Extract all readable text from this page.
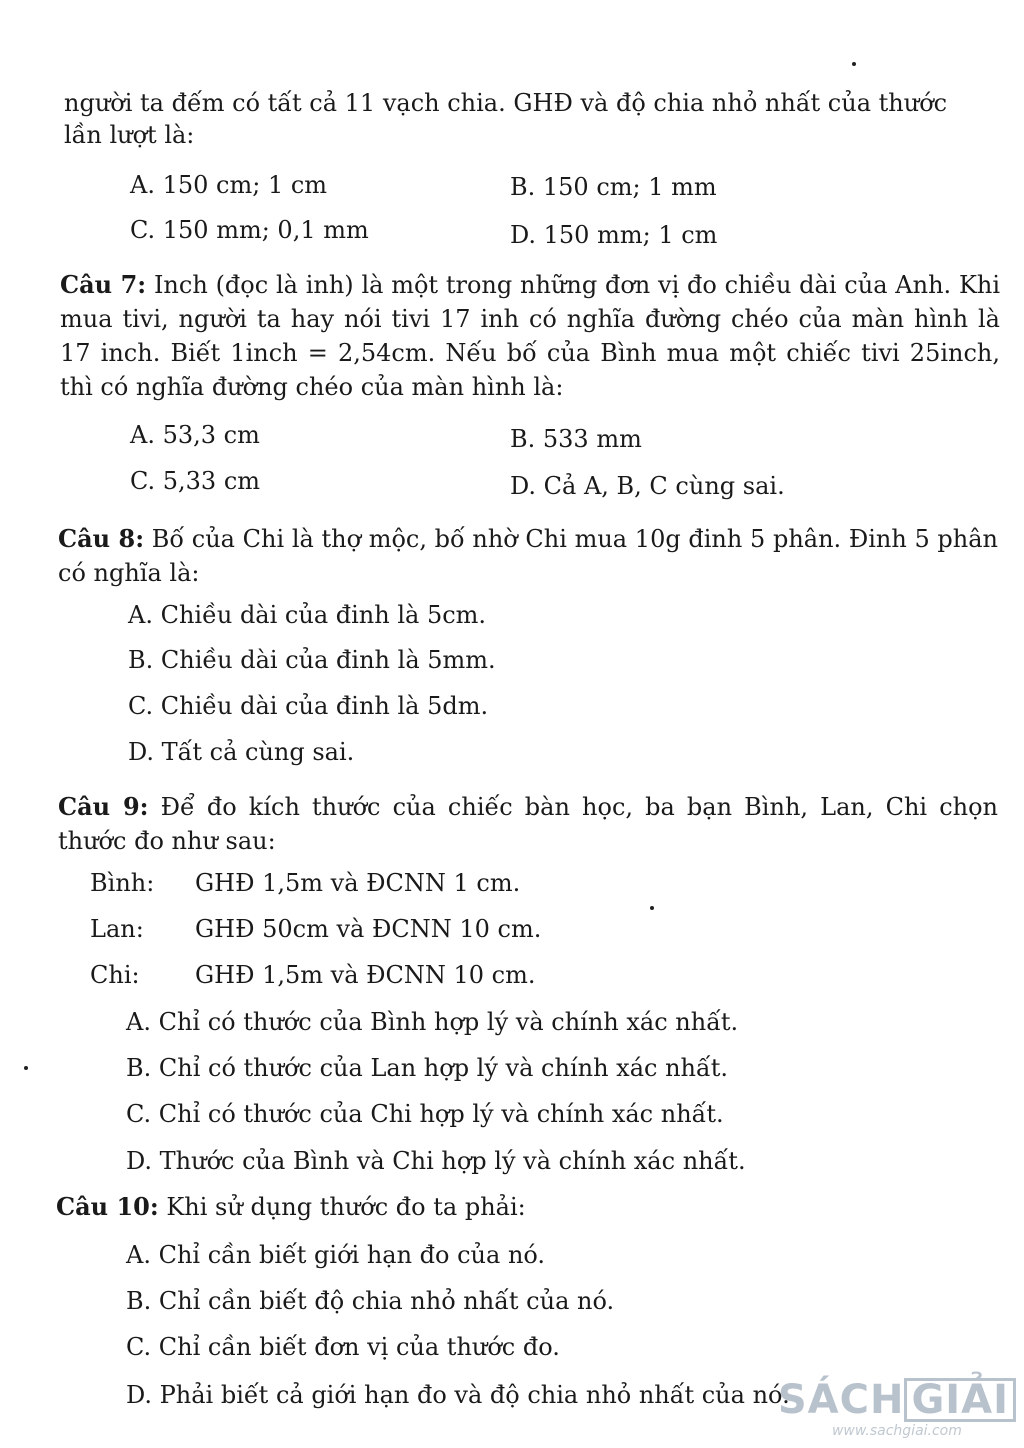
người ta đếm có tất cả 11 vạch chia. GHĐ và độ chia nhỏ nhất của thước
lần lượt là:
A. 150 cm; 1 cm	B. 150 cm; 1 mm
C. 150 mm; 0,1 mm	D. 150 mm; 1 cm
Câu 7: Inch (đọc là inh) là một trong những đơn vị đo chiều dài của Anh. Khi mua tivi, người ta hay nói tivi 17 inh có nghĩa đường chéo của màn hình là 17 inch. Biết 1inch = 2,54cm. Nếu bố của Bình mua một chiếc tivi 25inch, thì có nghĩa đường chéo của màn hình là:
A. 53,3 cm	B. 533 mm
C. 5,33 cm	D. Cả A, B, C cùng sai.
Câu 8: Bố của Chi là thợ mộc, bố nhờ Chi mua 10g đinh 5 phân. Đinh 5 phân có nghĩa là:
A. Chiều dài của đinh là 5cm.
B. Chiều dài của đinh là 5mm.
C. Chiều dài của đinh là 5dm.
D. Tất cả cùng sai.
Câu 9: Để đo kích thước của chiếc bàn học, ba bạn Bình, Lan, Chi chọn thước đo như sau:
Bình: GHĐ 1,5m và ĐCNN 1 cm.
Lan: GHĐ 50cm và ĐCNN 10 cm.
Chi: GHĐ 1,5m và ĐCNN 10 cm.
A. Chỉ có thước của Bình hợp lý và chính xác nhất.
B. Chỉ có thước của Lan hợp lý và chính xác nhất.
C. Chỉ có thước của Chi hợp lý và chính xác nhất.
D. Thước của Bình và Chi hợp lý và chính xác nhất.
Câu 10: Khi sử dụng thước đo ta phải:
A. Chỉ cần biết giới hạn đo của nó.
B. Chỉ cần biết độ chia nhỏ nhất của nó.
C. Chỉ cần biết đơn vị của thước đo.
D. Phải biết cả giới hạn đo và độ chia nhỏ nhất của nó.
SÁCH GIẢI
www.sachgiai.com
